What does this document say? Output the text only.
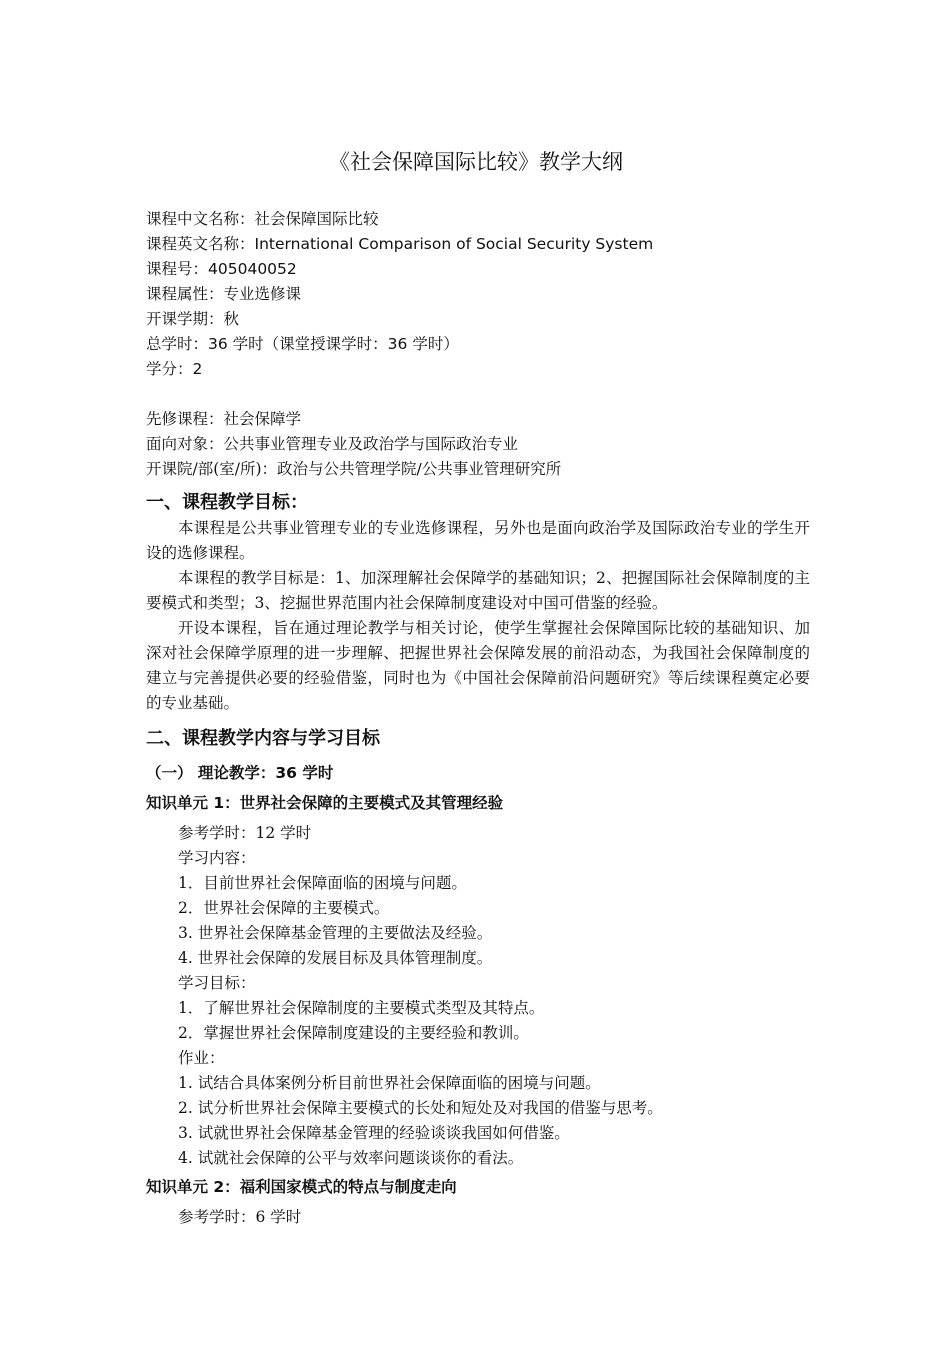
《社会保障国际比较》教学大纲
课程中文名称：社会保障国际比较
课程英文名称：International Comparison of Social Security System
课程号：405040052
课程属性：专业选修课
开课学期：秋
总学时：36 学时（课堂授课学时：36 学时）
学分：2
先修课程：社会保障学
面向对象：公共事业管理专业及政治学与国际政治专业
开课院/部(室/所)：政治与公共管理学院/公共事业管理研究所
一、课程教学目标：

本课程是公共事业管理专业的专业选修课程，另外也是面向政治学及国际政治专业的学生开设的选修课程。

本课程的教学目标是：1、加深理解社会保障学的基础知识；2、把握国际社会保障制度的主要模式和类型；3、挖掘世界范围内社会保障制度建设对中国可借鉴的经验。

开设本课程，旨在通过理论教学与相关讨论，使学生掌握社会保障国际比较的基础知识、加深对社会保障学原理的进一步理解、把握世界社会保障发展的前沿动态，为我国社会保障制度的建立与完善提供必要的经验借鉴，同时也为《中国社会保障前沿问题研究》等后续课程奠定必要的专业基础。

二、课程教学内容与学习目标
（一） 理论教学：36 学时
知识单元 1：世界社会保障的主要模式及其管理经验
参考学时：12 学时
学习内容：
1．目前世界社会保障面临的困境与问题。
2．世界社会保障的主要模式。
3. 世界社会保障基金管理的主要做法及经验。
4. 世界社会保障的发展目标及具体管理制度。
学习目标：
1．了解世界社会保障制度的主要模式类型及其特点。
2．掌握世界社会保障制度建设的主要经验和教训。
作业：
1. 试结合具体案例分析目前世界社会保障面临的困境与问题。
2. 试分析世界社会保障主要模式的长处和短处及对我国的借鉴与思考。
3. 试就世界社会保障基金管理的经验谈谈我国如何借鉴。
4. 试就社会保障的公平与效率问题谈谈你的看法。
知识单元 2：福利国家模式的特点与制度走向
参考学时：6 学时
